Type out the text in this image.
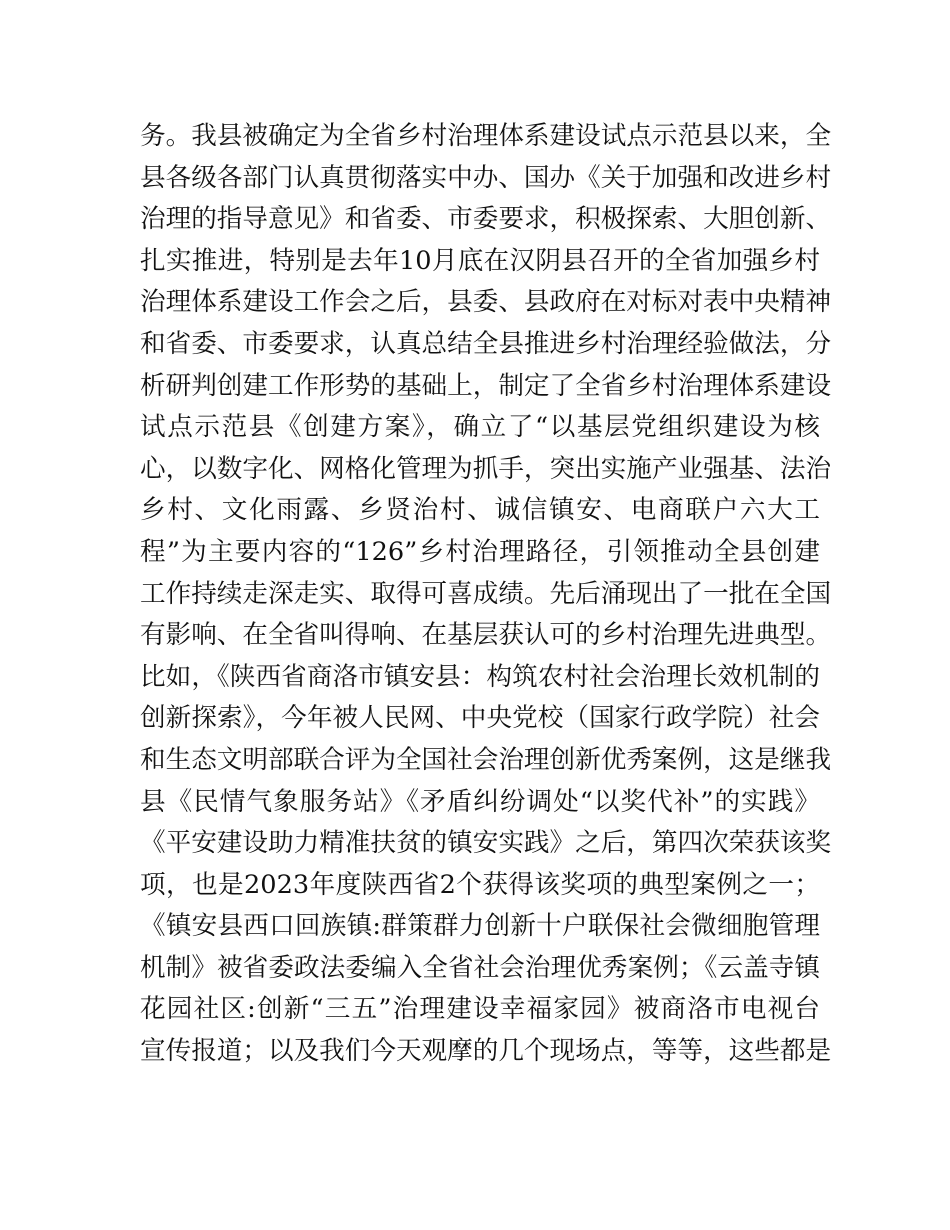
务。我县被确定为全省乡村治理体系建设试点示范县以来，全
县各级各部门认真贯彻落实中办、国办《关于加强和改进乡村
治理的指导意见》和省委、市委要求，积极探索、大胆创新、
扎实推进，特别是去年10月底在汉阴县召开的全省加强乡村
治理体系建设工作会之后，县委、县政府在对标对表中央精神
和省委、市委要求，认真总结全县推进乡村治理经验做法，分
析研判创建工作形势的基础上，制定了全省乡村治理体系建设
试点示范县《创建方案》，确立了“以基层党组织建设为核
心，以数字化、网格化管理为抓手，突出实施产业强基、法治
乡村、文化雨露、乡贤治村、诚信镇安、电商联户六大工
程”为主要内容的“126”乡村治理路径，引领推动全县创建
工作持续走深走实、取得可喜成绩。先后涌现出了一批在全国
有影响、在全省叫得响、在基层获认可的乡村治理先进典型。
比如，《陕西省商洛市镇安县：构筑农村社会治理长效机制的
创新探索》，今年被人民网、中央党校（国家行政学院）社会
和生态文明部联合评为全国社会治理创新优秀案例，这是继我
县《民情气象服务站》《矛盾纠纷调处“以奖代补”的实践》
《平安建设助力精准扶贫的镇安实践》之后，第四次荣获该奖
项，也是2023年度陕西省2个获得该奖项的典型案例之一；
《镇安县西口回族镇:群策群力创新十户联保社会微细胞管理
机制》被省委政法委编入全省社会治理优秀案例；《云盖寺镇
花园社区:创新“三五”治理建设幸福家园》被商洛市电视台
宣传报道；以及我们今天观摩的几个现场点，等等，这些都是
